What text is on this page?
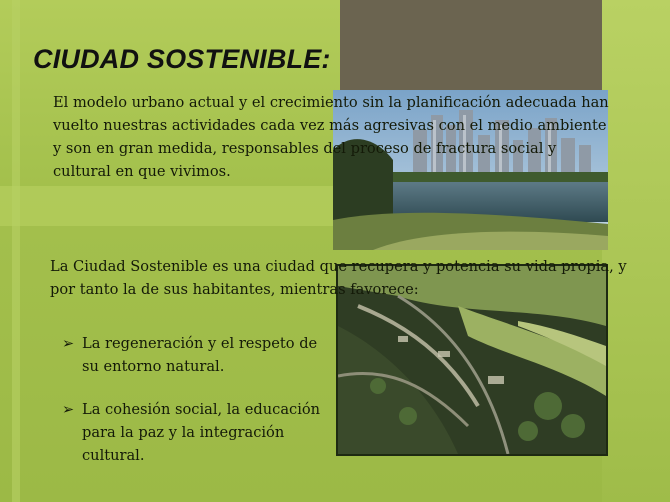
CIUDAD SOSTENIBLE:

El modelo urbano actual y el crecimiento sin la planificación adecuada han vuelto nuestras actividades cada vez más agresivas con el medio ambiente y son en gran medida, responsables del proceso de fractura social y cultural en que vivimos.

La Ciudad Sostenible es una ciudad que recupera y potencia su vida propia, y por tanto la de sus habitantes, mientras favorece:

➢ La regeneración y el respeto de su entorno natural.
➢ La cohesión social, la educación para la paz y la integración cultural.
